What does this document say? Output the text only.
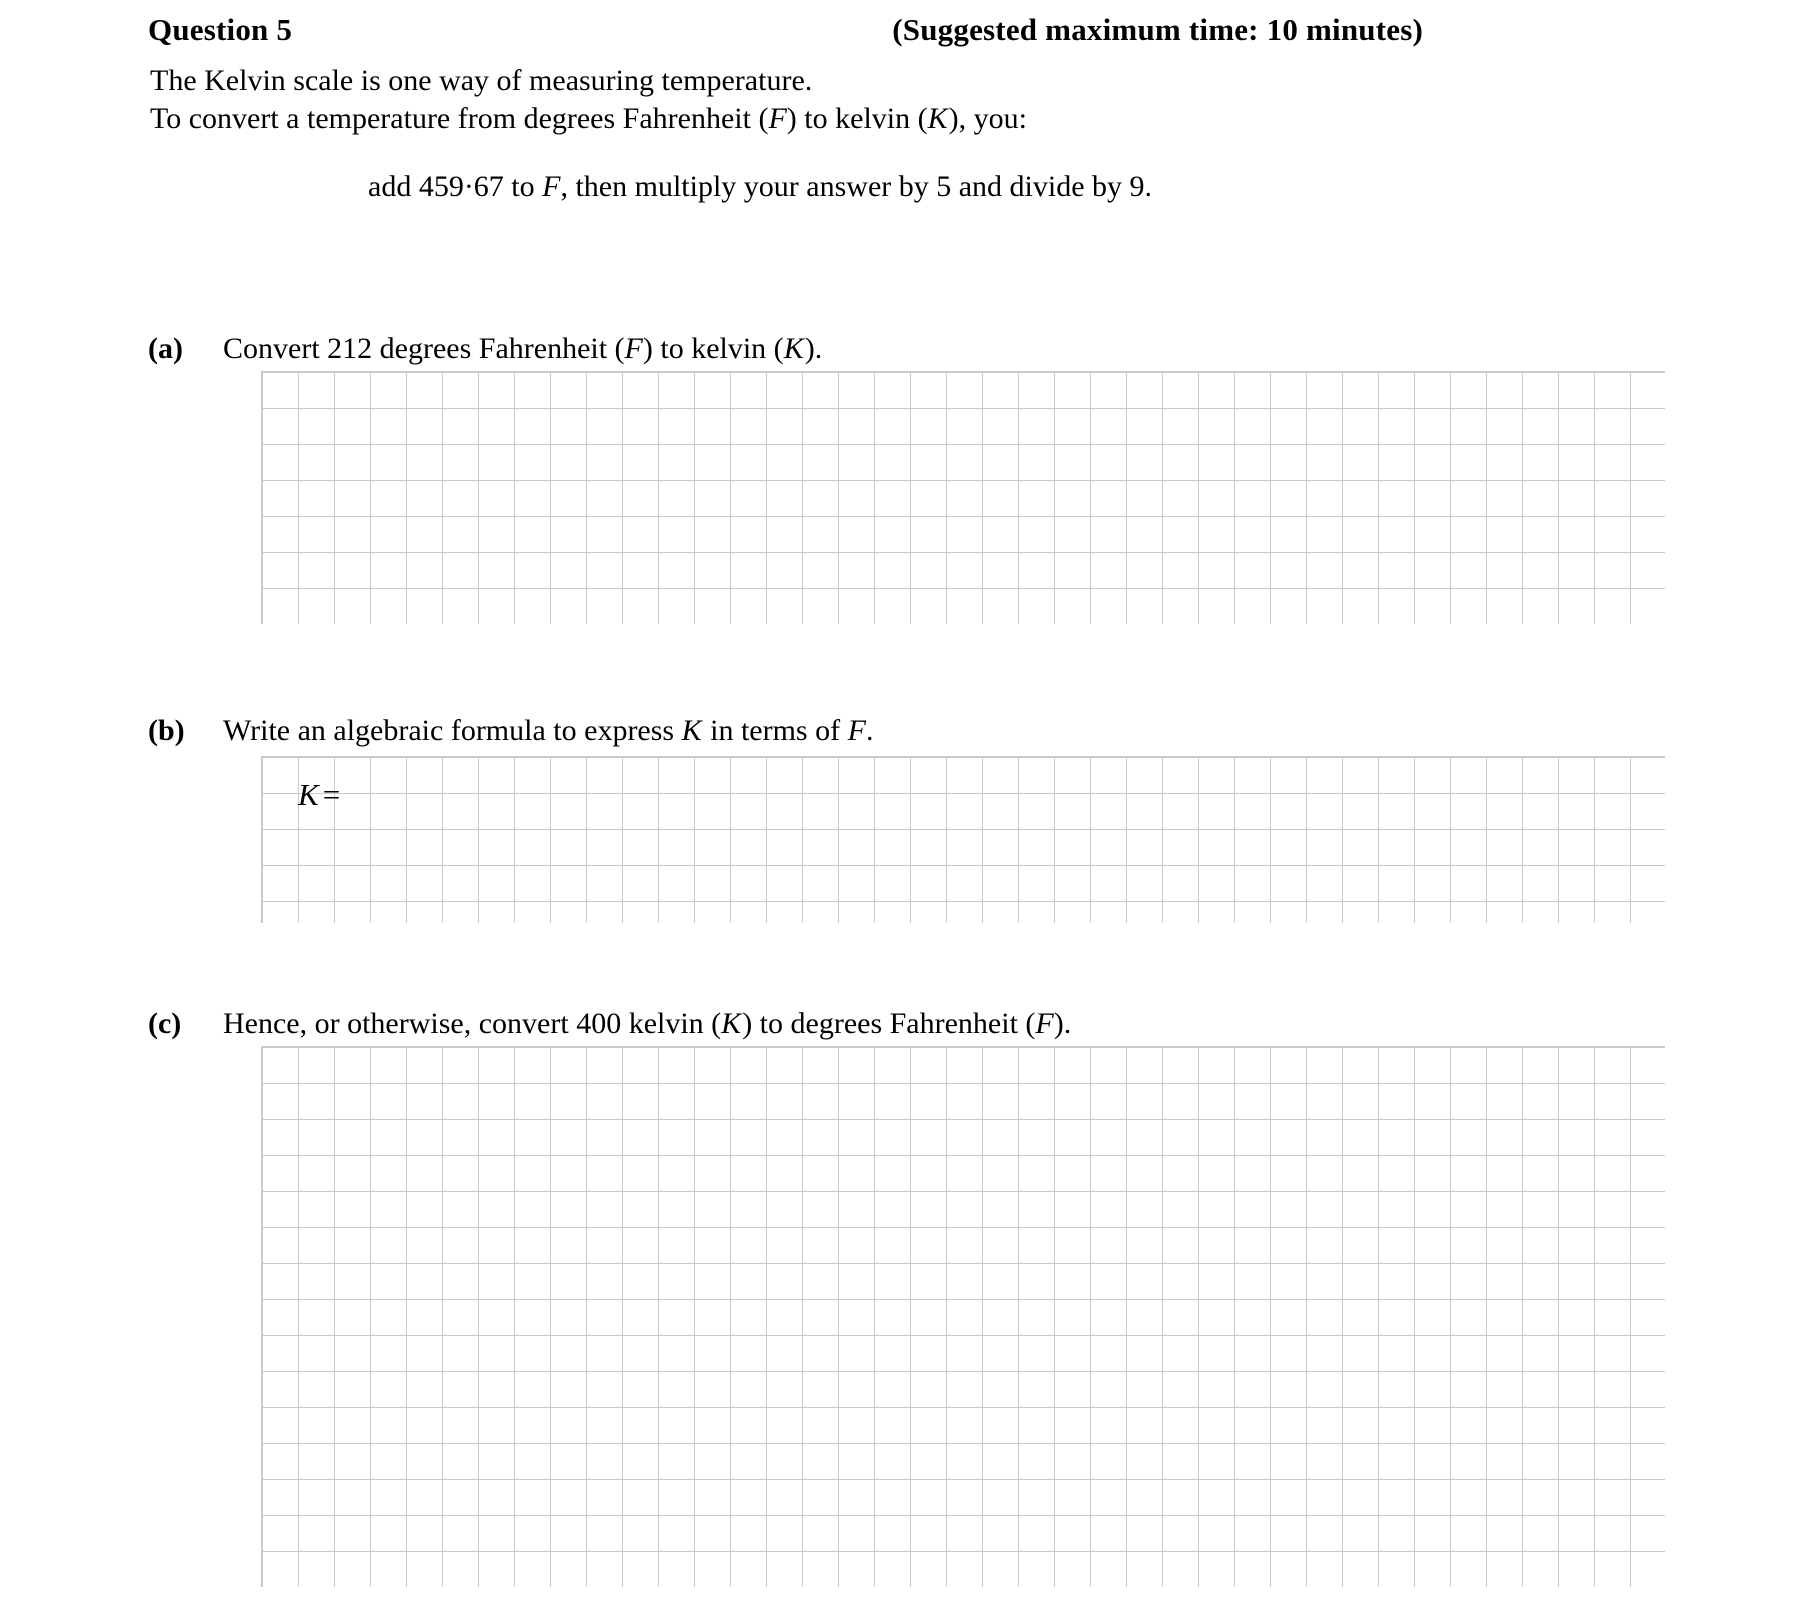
Question 5	(Suggested maximum time: 10 minutes)
The Kelvin scale is one way of measuring temperature.
To convert a temperature from degrees Fahrenheit (F) to kelvin (K), you:
add 459·67 to F, then multiply your answer by 5 and divide by 9.
(a) Convert 212 degrees Fahrenheit (F) to kelvin (K).
(b) Write an algebraic formula to express K in terms of F.
K =
(c) Hence, or otherwise, convert 400 kelvin (K) to degrees Fahrenheit (F).
